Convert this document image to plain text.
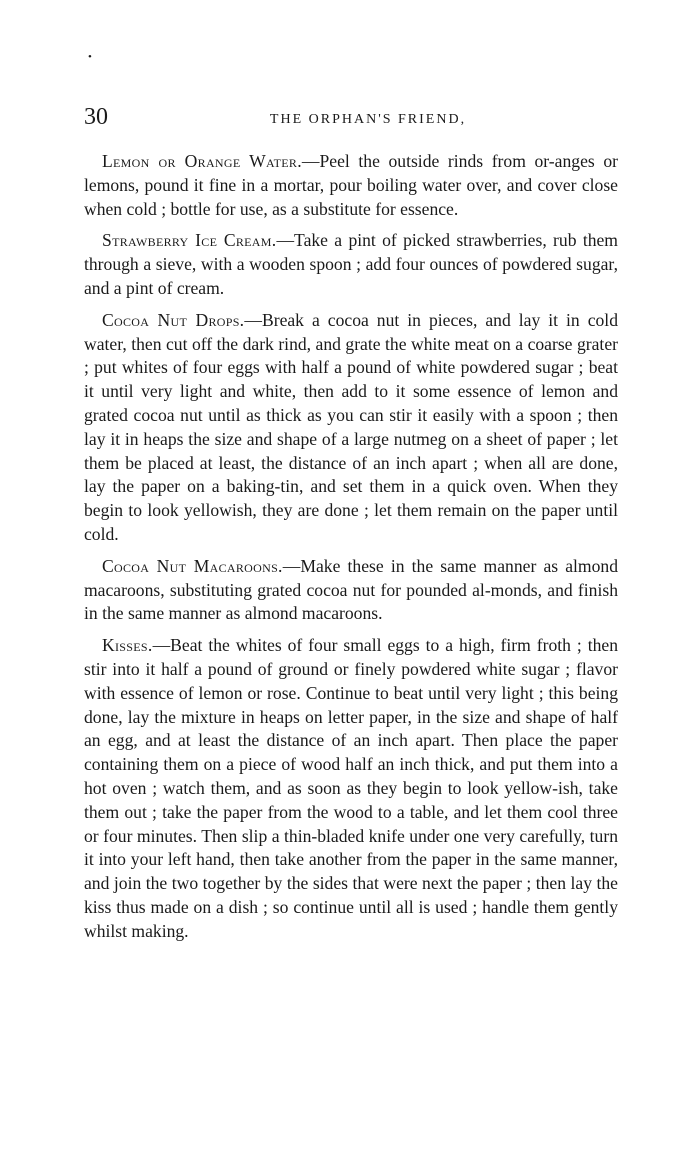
•
30	THE ORPHAN'S FRIEND,

Lemon or Orange Water.—Peel the outside rinds from or-anges or lemons, pound it fine in a mortar, pour boiling water over, and cover close when cold ; bottle for use, as a substitute for essence.

Strawberry Ice Cream.—Take a pint of picked strawberries, rub them through a sieve, with a wooden spoon ; add four ounces of powdered sugar, and a pint of cream.

Cocoa Nut Drops.—Break a cocoa nut in pieces, and lay it in cold water, then cut off the dark rind, and grate the white meat on a coarse grater ; put whites of four eggs with half a pound of white powdered sugar ; beat it until very light and white, then add to it some essence of lemon and grated cocoa nut until as thick as you can stir it easily with a spoon ; then lay it in heaps the size and shape of a large nutmeg on a sheet of paper ; let them be placed at least, the distance of an inch apart ; when all are done, lay the paper on a baking-tin, and set them in a quick oven. When they begin to look yellowish, they are done ; let them remain on the paper until cold.

Cocoa Nut Macaroons.—Make these in the same manner as almond macaroons, substituting grated cocoa nut for pounded al-monds, and finish in the same manner as almond macaroons.

Kisses.—Beat the whites of four small eggs to a high, firm froth ; then stir into it half a pound of ground or finely powdered white sugar ; flavor with essence of lemon or rose. Continue to beat until very light ; this being done, lay the mixture in heaps on letter paper, in the size and shape of half an egg, and at least the distance of an inch apart. Then place the paper containing them on a piece of wood half an inch thick, and put them into a hot oven ; watch them, and as soon as they begin to look yellow-ish, take them out ; take the paper from the wood to a table, and let them cool three or four minutes. Then slip a thin-bladed knife under one very carefully, turn it into your left hand, then take another from the paper in the same manner, and join the two together by the sides that were next the paper ; then lay the kiss thus made on a dish ; so continue until all is used ; handle them gently whilst making.
